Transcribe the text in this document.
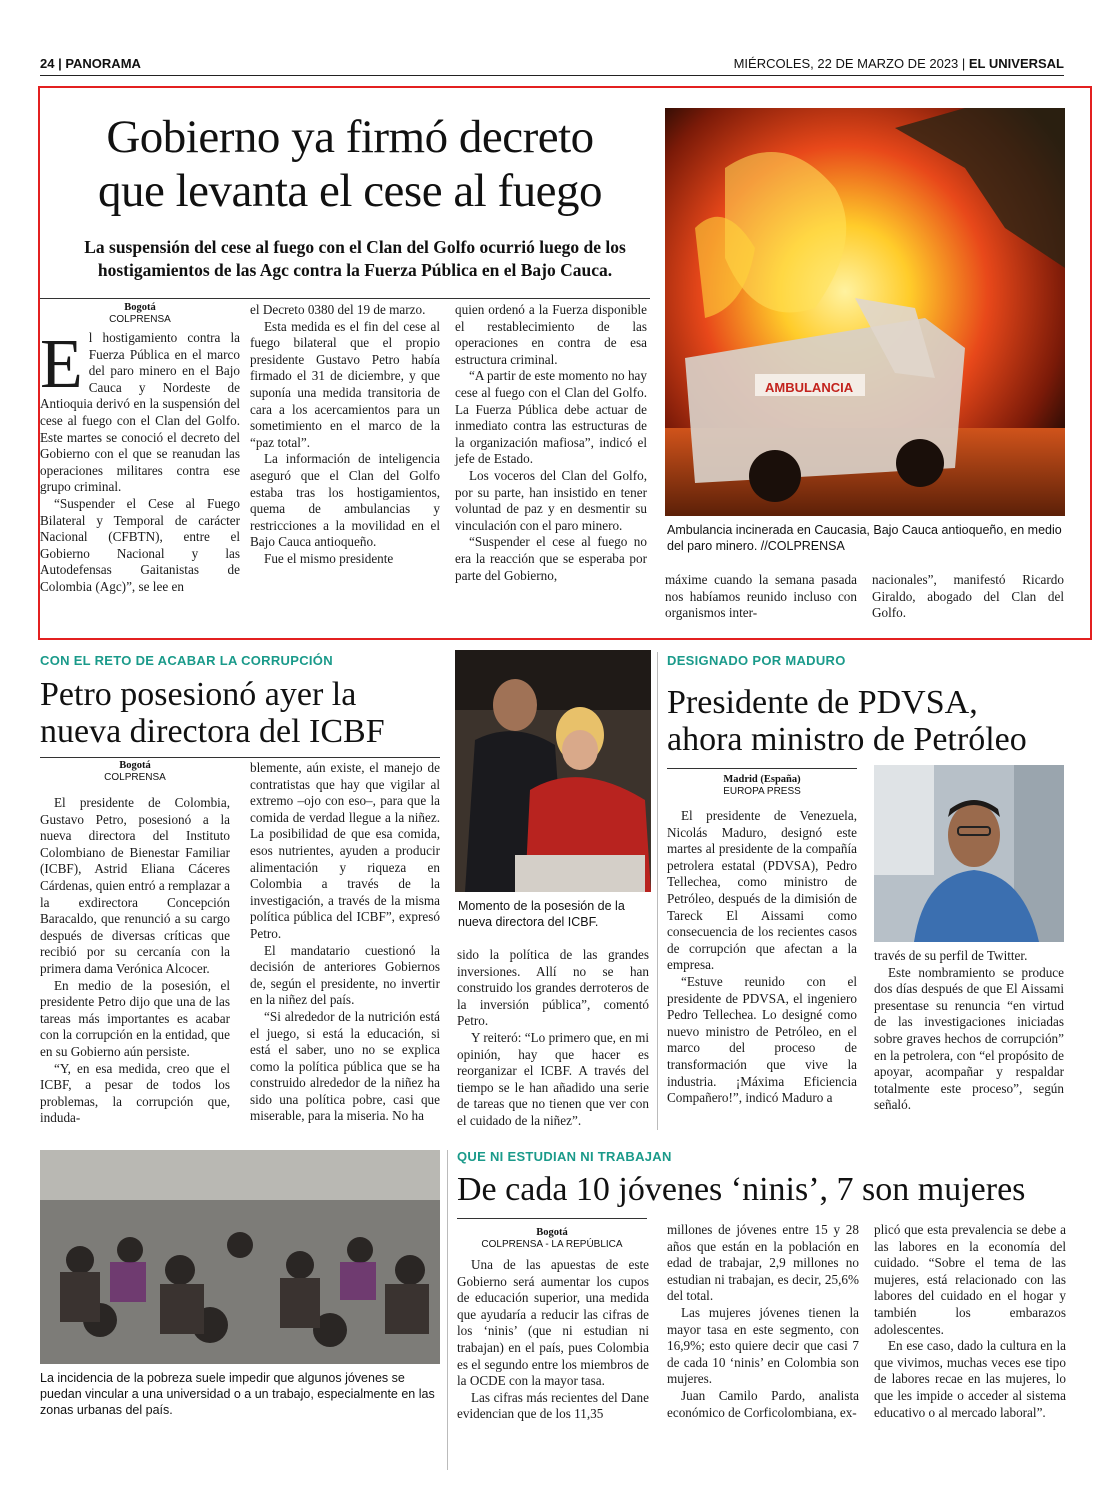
24 | PANORAMA	MIÉRCOLES, 22 DE MARZO DE 2023 | EL UNIVERSAL
Gobierno ya firmó decreto
que levanta el cese al fuego
La suspensión del cese al fuego con el Clan del Golfo ocurrió luego de los hostigamientos de las Agc contra la Fuerza Pública en el Bajo Cauca.
Bogotá
COLPRENSA

El hostigamiento contra la Fuerza Pública en el marco del paro minero en el Bajo Cauca y Nordeste de Antioquia derivó en la suspensión del cese al fuego con el Clan del Golfo. Este martes se conoció el decreto del Gobierno con el que se reanudan las operaciones militares contra ese grupo criminal.

“Suspender el Cese al Fuego Bilateral y Temporal de carácter Nacional (CFBTN), entre el Gobierno Nacional y las Autodefensas Gaitanistas de Colombia (Agc)”, se lee en

el Decreto 0380 del 19 de marzo.

Esta medida es el fin del cese al fuego bilateral que el propio presidente Gustavo Petro había firmado el 31 de diciembre, y que suponía una medida transitoria de cara a los acercamientos para un sometimiento en el marco de la “paz total”.

La información de inteligencia aseguró que el Clan del Golfo estaba tras los hostigamientos, quema de ambulancias y restricciones a la movilidad en el Bajo Cauca antioqueño.

Fue el mismo presidente

quien ordenó a la Fuerza disponible el restablecimiento de las operaciones en contra de esa estructura criminal.

“A partir de este momento no hay cese al fuego con el Clan del Golfo. La Fuerza Pública debe actuar de inmediato contra las estructuras de la organización mafiosa”, indicó el jefe de Estado.

Los voceros del Clan del Golfo, por su parte, han insistido en tener voluntad de paz y en desmentir su vinculación con el paro minero.

“Suspender el cese al fuego no era la reacción que se esperaba por parte del Gobierno,

AMBULANCIA
Ambulancia incinerada en Caucasia, Bajo Cauca antioqueño, en medio del paro minero. //COLPRENSA

máxime cuando la semana pasada nos habíamos reunido incluso con organismos inter-

nacionales”, manifestó Ricardo Giraldo, abogado del Clan del Golfo.

CON EL RETO DE ACABAR LA CORRUPCIÓN
Petro posesionó ayer la
nueva directora del ICBF
Bogotá
COLPRENSA

El presidente de Colombia, Gustavo Petro, posesionó a la nueva directora del Instituto Colombiano de Bienestar Familiar (ICBF), Astrid Eliana Cáceres Cárdenas, quien entró a remplazar a la exdirectora Concepción Baracaldo, que renunció a su cargo después de diversas críticas que recibió por su cercanía con la primera dama Verónica Alcocer.

En medio de la posesión, el presidente Petro dijo que una de las tareas más importantes es acabar con la corrupción en la entidad, que en su Gobierno aún persiste.

“Y, en esa medida, creo que el ICBF, a pesar de todos los problemas, la corrupción que, induda-

blemente, aún existe, el manejo de contratistas que hay que vigilar al extremo –ojo con eso–, para que la comida de verdad llegue a la niñez. La posibilidad de que esa comida, esos nutrientes, ayuden a producir alimentación y riqueza en Colombia a través de la investigación, a través de la misma política pública del ICBF”, expresó Petro.

El mandatario cuestionó la decisión de anteriores Gobiernos de, según el presidente, no invertir en la niñez del país.

“Si alrededor de la nutrición está el juego, si está la educación, si está el saber, uno no se explica como la política pública que se ha construido alrededor de la niñez ha sido una política pobre, casi que miserable, para la miseria. No ha

Momento de la posesión de la nueva directora del ICBF.

sido la política de las grandes inversiones. Allí no se han construido los grandes derroteros de la inversión pública”, comentó Petro.

Y reiteró: “Lo primero que, en mi opinión, hay que hacer es reorganizar el ICBF. A través del tiempo se le han añadido una serie de tareas que no tienen que ver con el cuidado de la niñez”.

DESIGNADO POR MADURO
Presidente de PDVSA,
ahora ministro de Petróleo
Madrid (España)
EUROPA PRESS

El presidente de Venezuela, Nicolás Maduro, designó este martes al presidente de la compañía petrolera estatal (PDVSA), Pedro Tellechea, como ministro de Petróleo, después de la dimisión de Tareck El Aissami como consecuencia de los recientes casos de corrupción que afectan a la empresa.

“Estuve reunido con el presidente de PDVSA, el ingeniero Pedro Tellechea. Lo designé como nuevo ministro de Petróleo, en el marco del proceso de transformación que vive la industria. ¡Máxima Eficiencia Compañero!”, indicó Maduro a

través de su perfil de Twitter.

Este nombramiento se produce dos días después de que El Aissami presentase su renuncia “en virtud de las investigaciones iniciadas sobre graves hechos de corrupción” en la petrolera, con “el propósito de apoyar, acompañar y respaldar totalmente este proceso”, según señaló.

La incidencia de la pobreza suele impedir que algunos jóvenes se puedan vincular a una universidad o a un trabajo, especialmente en las zonas urbanas del país.
QUE NI ESTUDIAN NI TRABAJAN
De cada 10 jóvenes ‘ninis’, 7 son mujeres
Bogotá
COLPRENSA - LA REPÚBLICA

Una de las apuestas de este Gobierno será aumentar los cupos de educación superior, una medida que ayudaría a reducir las cifras de los ‘ninis’ (que ni estudian ni trabajan) en el país, pues Colombia es el segundo entre los miembros de la OCDE con la mayor tasa.

Las cifras más recientes del Dane evidencian que de los 11,35

millones de jóvenes entre 15 y 28 años que están en la población en edad de trabajar, 2,9 millones no estudian ni trabajan, es decir, 25,6% del total.

Las mujeres jóvenes tienen la mayor tasa en este segmento, con 16,9%; esto quiere decir que casi 7 de cada 10 ‘ninis’ en Colombia son mujeres.

Juan Camilo Pardo, analista económico de Corficolombiana, ex-

plicó que esta prevalencia se debe a las labores en la economía del cuidado. “Sobre el tema de las mujeres, está relacionado con las labores del cuidado en el hogar y también los embarazos adolescentes.

En ese caso, dado la cultura en la que vivimos, muchas veces ese tipo de labores recae en las mujeres, lo que les impide o acceder al sistema educativo o al mercado laboral”.
